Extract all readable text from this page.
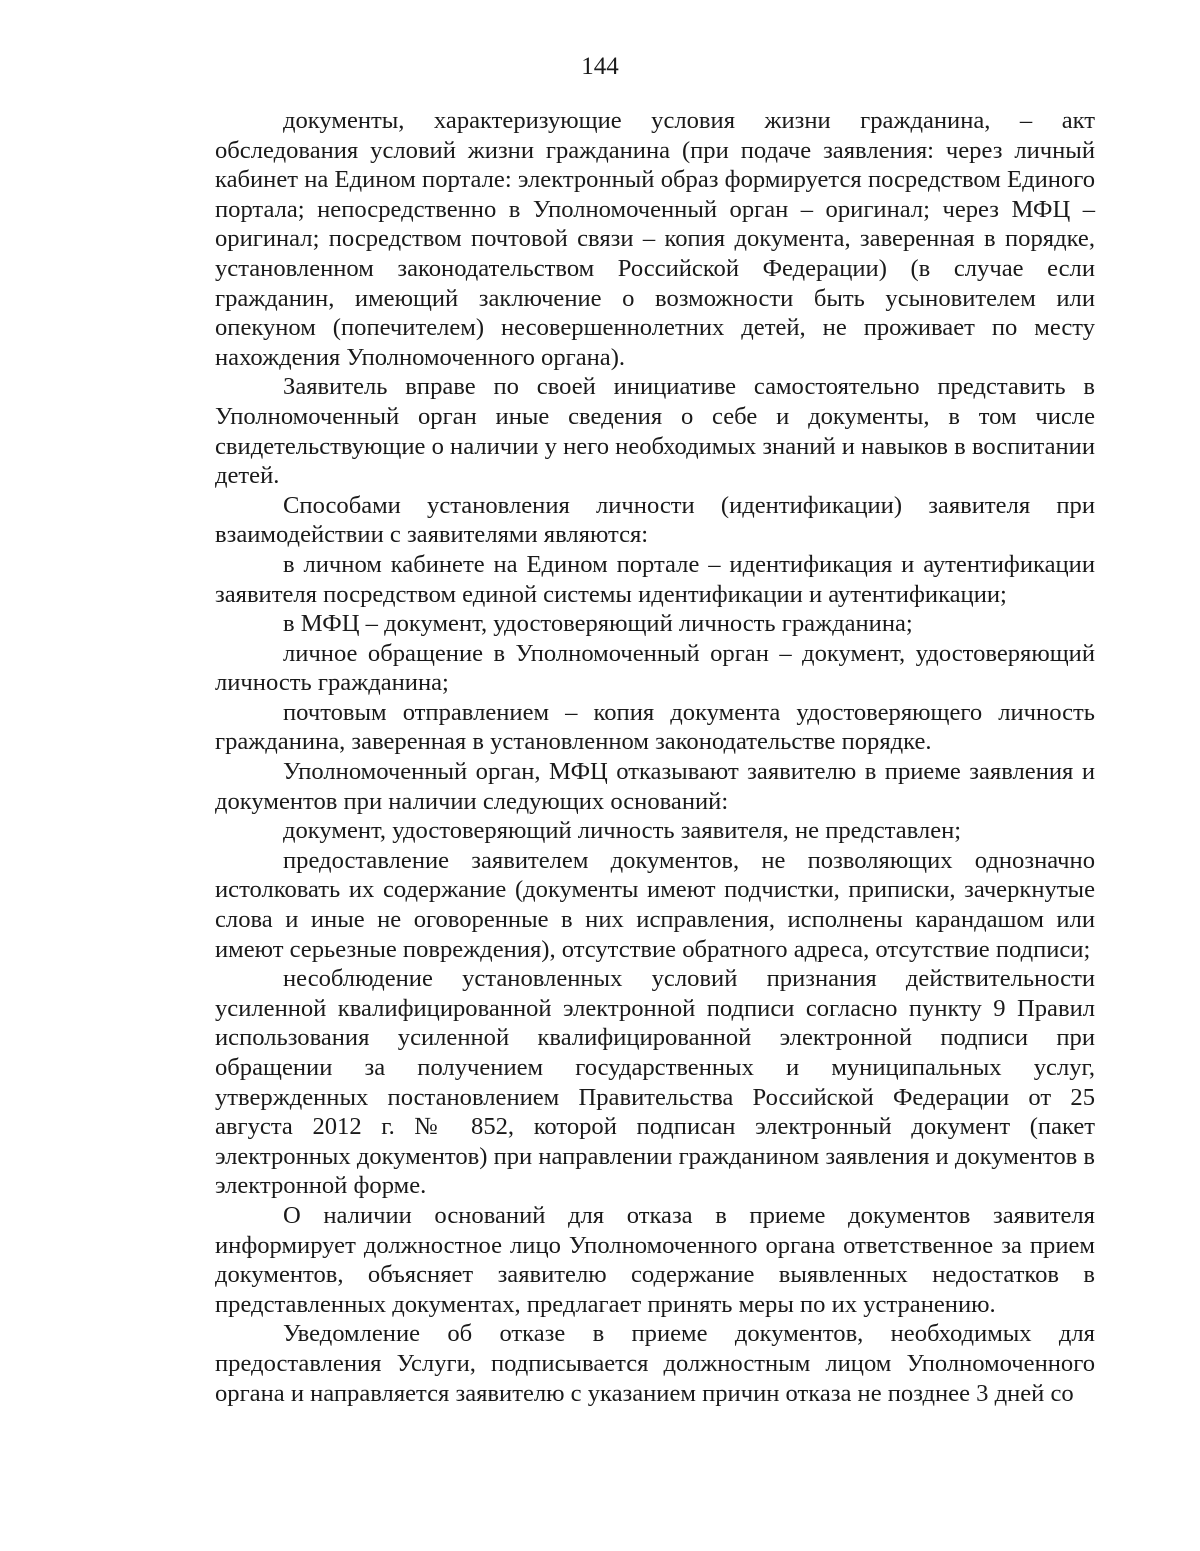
144

документы, характеризующие условия жизни гражданина, – акт обследования условий жизни гражданина (при подаче заявления: через личный кабинет на Едином портале: электронный образ формируется посредством Единого портала; непосредственно в Уполномоченный орган – оригинал; через МФЦ – оригинал; посредством почтовой связи – копия документа, заверенная в порядке, установленном законодательством Российской Федерации) (в случае если гражданин, имеющий заключение о возможности быть усыновителем или опекуном (попечителем) несовершеннолетних детей, не проживает по месту нахождения Уполномоченного органа).

Заявитель вправе по своей инициативе самостоятельно представить в Уполномоченный орган иные сведения о себе и документы, в том числе свидетельствующие о наличии у него необходимых знаний и навыков в воспитании детей.

Способами установления личности (идентификации) заявителя при взаимодействии с заявителями являются:

в личном кабинете на Едином портале – идентификация и аутентификации заявителя посредством единой системы идентификации и аутентификации;

в МФЦ – документ, удостоверяющий личность гражданина;

личное обращение в Уполномоченный орган – документ, удостоверяющий личность гражданина;

почтовым отправлением – копия документа удостоверяющего личность гражданина, заверенная в установленном законодательстве порядке.

Уполномоченный орган, МФЦ отказывают заявителю в приеме заявления и документов при наличии следующих оснований:

документ, удостоверяющий личность заявителя, не представлен;

предоставление заявителем документов, не позволяющих однозначно истолковать их содержание (документы имеют подчистки, приписки, зачеркнутые слова и иные не оговоренные в них исправления, исполнены карандашом или имеют серьезные повреждения), отсутствие обратного адреса, отсутствие подписи;

несоблюдение установленных условий признания действительности усиленной квалифицированной электронной подписи согласно пункту 9 Правил использования усиленной квалифицированной электронной подписи при обращении за получением государственных и муниципальных услуг, утвержденных постановлением Правительства Российской Федерации от 25 августа 2012 г. № 852, которой подписан электронный документ (пакет электронных документов) при направлении гражданином заявления и документов в электронной форме.

О наличии оснований для отказа в приеме документов заявителя информирует должностное лицо Уполномоченного органа ответственное за прием документов, объясняет заявителю содержание выявленных недостатков в представленных документах, предлагает принять меры по их устранению.

Уведомление об отказе в приеме документов, необходимых для предоставления Услуги, подписывается должностным лицом Уполномоченного органа и направляется заявителю с указанием причин отказа не позднее 3 дней со
